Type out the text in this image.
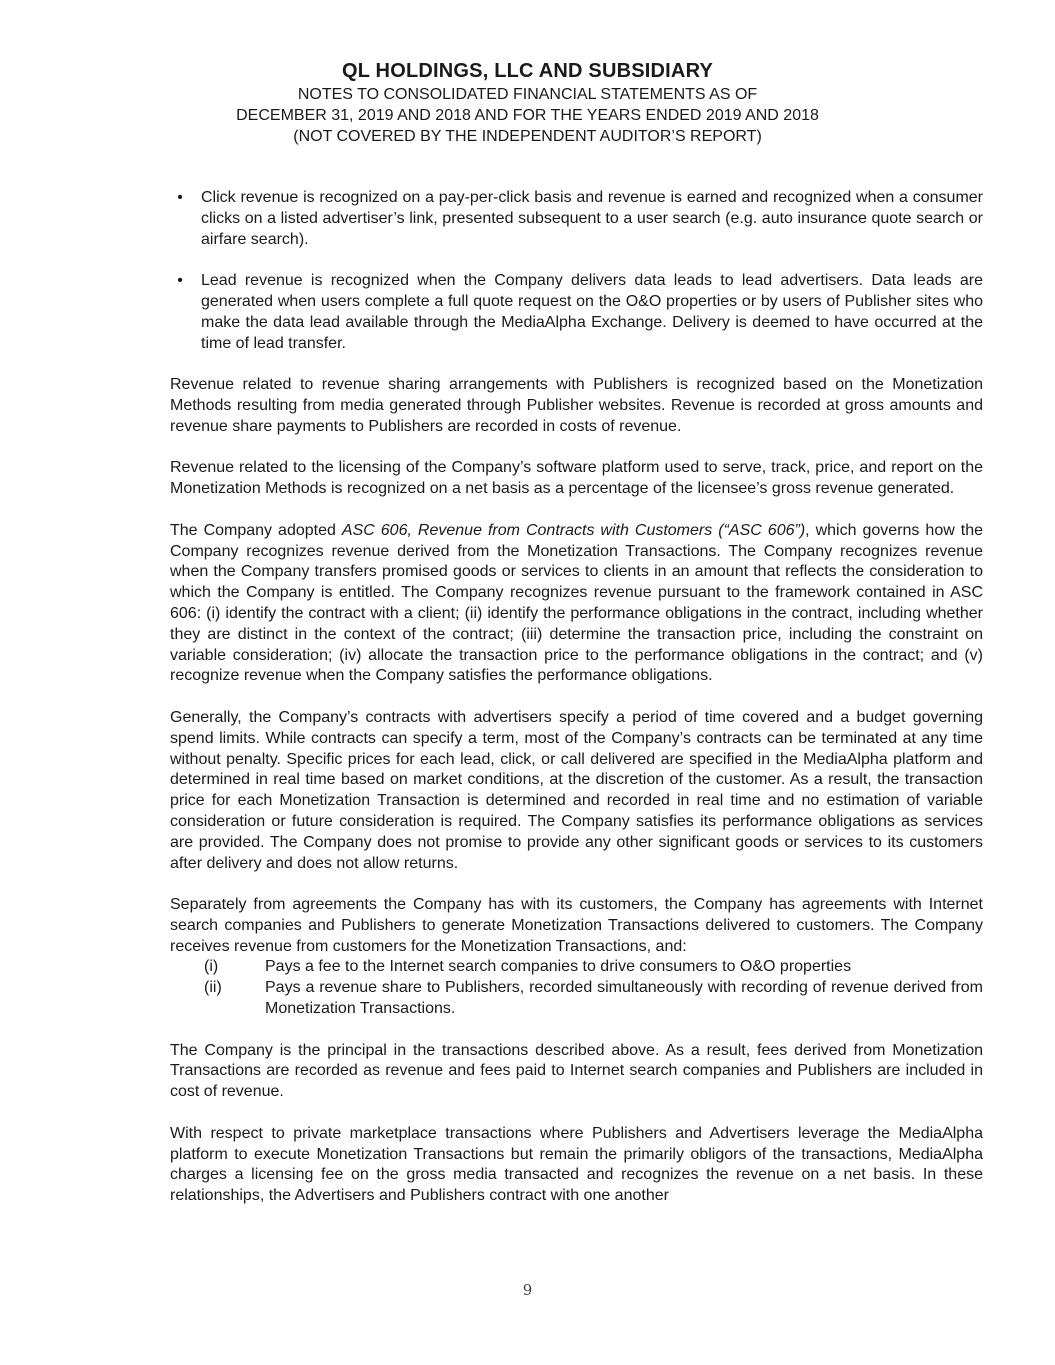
QL HOLDINGS, LLC AND SUBSIDIARY
NOTES TO CONSOLIDATED FINANCIAL STATEMENTS AS OF
DECEMBER 31, 2019 AND 2018 AND FOR THE YEARS ENDED 2019 AND 2018
(NOT COVERED BY THE INDEPENDENT AUDITOR’S REPORT)
• Click revenue is recognized on a pay-per-click basis and revenue is earned and recognized when a consumer clicks on a listed advertiser’s link, presented subsequent to a user search (e.g. auto insurance quote search or airfare search).
• Lead revenue is recognized when the Company delivers data leads to lead advertisers. Data leads are generated when users complete a full quote request on the O&O properties or by users of Publisher sites who make the data lead available through the MediaAlpha Exchange. Delivery is deemed to have occurred at the time of lead transfer.

Revenue related to revenue sharing arrangements with Publishers is recognized based on the Monetization Methods resulting from media generated through Publisher websites. Revenue is recorded at gross amounts and revenue share payments to Publishers are recorded in costs of revenue.

Revenue related to the licensing of the Company’s software platform used to serve, track, price, and report on the Monetization Methods is recognized on a net basis as a percentage of the licensee’s gross revenue generated.

The Company adopted ASC 606, Revenue from Contracts with Customers (“ASC 606”), which governs how the Company recognizes revenue derived from the Monetization Transactions. The Company recognizes revenue when the Company transfers promised goods or services to clients in an amount that reflects the consideration to which the Company is entitled. The Company recognizes revenue pursuant to the framework contained in ASC 606: (i) identify the contract with a client; (ii) identify the performance obligations in the contract, including whether they are distinct in the context of the contract; (iii) determine the transaction price, including the constraint on variable consideration; (iv) allocate the transaction price to the performance obligations in the contract; and (v) recognize revenue when the Company satisfies the performance obligations.

Generally, the Company’s contracts with advertisers specify a period of time covered and a budget governing spend limits. While contracts can specify a term, most of the Company’s contracts can be terminated at any time without penalty. Specific prices for each lead, click, or call delivered are specified in the MediaAlpha platform and determined in real time based on market conditions, at the discretion of the customer. As a result, the transaction price for each Monetization Transaction is determined and recorded in real time and no estimation of variable consideration or future consideration is required. The Company satisfies its performance obligations as services are provided. The Company does not promise to provide any other significant goods or services to its customers after delivery and does not allow returns.

Separately from agreements the Company has with its customers, the Company has agreements with Internet search companies and Publishers to generate Monetization Transactions delivered to customers. The Company receives revenue from customers for the Monetization Transactions, and:

(i)	Pays a fee to the Internet search companies to drive consumers to O&O properties
(ii)	Pays a revenue share to Publishers, recorded simultaneously with recording of revenue derived from Monetization Transactions.

The Company is the principal in the transactions described above. As a result, fees derived from Monetization Transactions are recorded as revenue and fees paid to Internet search companies and Publishers are included in cost of revenue.

With respect to private marketplace transactions where Publishers and Advertisers leverage the MediaAlpha platform to execute Monetization Transactions but remain the primarily obligors of the transactions, MediaAlpha charges a licensing fee on the gross media transacted and recognizes the revenue on a net basis. In these relationships, the Advertisers and Publishers contract with one another

9
